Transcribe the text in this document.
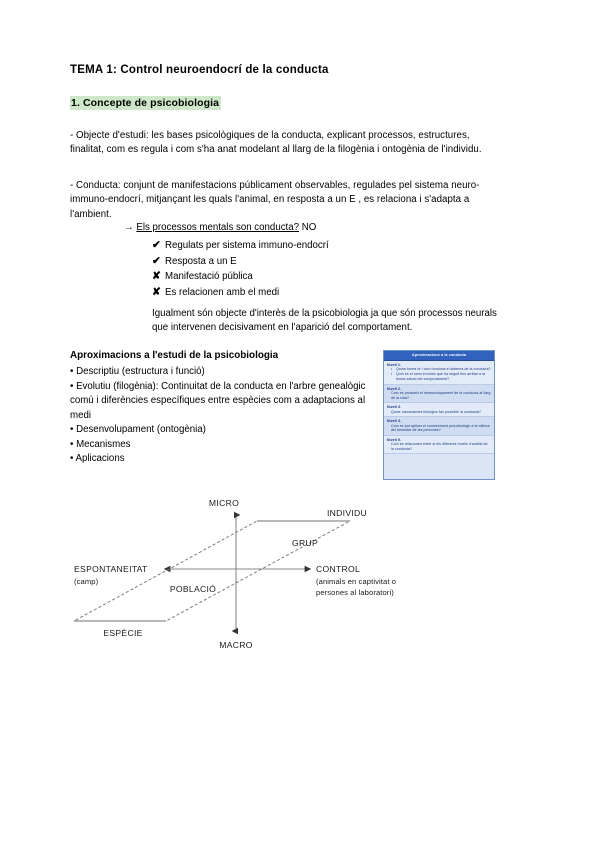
TEMA 1: Control neuroendocrí de la conducta
1. Concepte de psicobiologia
- Objecte d'estudi: les bases psicològiques de la conducta, explicant processos, estructures, finalitat, com es regula i com s'ha anat modelant al llarg de la filogènia i ontogènia de l'individu.
- Conducta: conjunt de manifestacions públicament observables, regulades pel sistema neuro-immuno-endocrí, mitjançant les quals l'animal, en resposta a un E , es relaciona i s'adapta a l'ambient.
→ Els processos mentals son conducta? NO
✔ Regulats per sistema immuno-endocrí
✔ Resposta a un E
✘ Manifestació pública
✘ Es relacionen amb el medi
Igualment són objecte d'interès de la psicobiologia ja que són processos neurals que intervenen decisivament en l'aparició del comportament.
Aproximacions a l'estudi de la psicobiologia
• Descriptiu (estructura i funció)
• Evolutiu (filogènia): Continuitat de la conducta en l'arbre genealògic comú i diferències específiques entre espècies com a adaptacions al medi
• Desenvolupament (ontogènia)
• Mecanismes
• Aplicacions
Aproximacions a la conducta
Nivell 1.
• Quina forma té i com funciona el sistema de la conducta?
• Quin és el camí evolutiu que ha seguit fins arribar a la forma actual del comportament?
Nivell 2.
Com es produeix el desenvolupament de la conducta al llarg de la vida?
Nivell 3.
Quins mecanismes biològics fan possible la conducta?
Nivell 4.
Com es pot aplicar el coneixement psicobiològic a la millora del benestar de les persones?
Nivell 5.
Com es relacionen entre si els diferents nivells d'anàlisi de la conducta?
MICRO
MACRO
INDIVIDU
GRUP
POBLACIÓ
ESPÈCIE
ESPONTANEITAT
(camp)
CONTROL
(animals en captivitat o
persones al laboratori)
